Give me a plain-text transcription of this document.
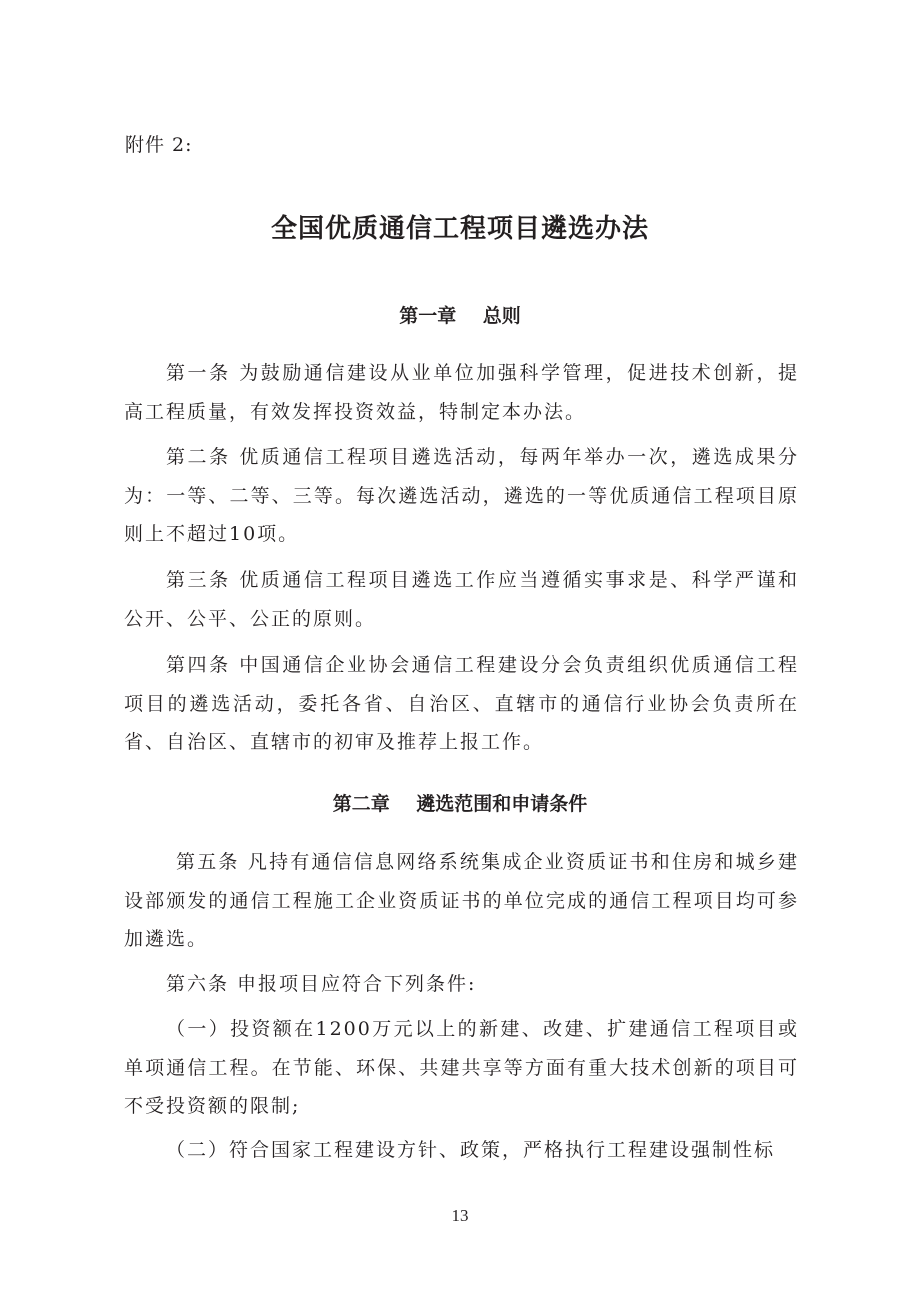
附件 2:
全国优质通信工程项目遴选办法
第一章    总则

第一条 为鼓励通信建设从业单位加强科学管理，促进技术创新，提高工程质量，有效发挥投资效益，特制定本办法。

第二条 优质通信工程项目遴选活动，每两年举办一次，遴选成果分为：一等、二等、三等。每次遴选活动，遴选的一等优质通信工程项目原则上不超过10项。

第三条 优质通信工程项目遴选工作应当遵循实事求是、科学严谨和公开、公平、公正的原则。

第四条 中国通信企业协会通信工程建设分会负责组织优质通信工程项目的遴选活动，委托各省、自治区、直辖市的通信行业协会负责所在省、自治区、直辖市的初审及推荐上报工作。

第二章    遴选范围和申请条件

第五条 凡持有通信信息网络系统集成企业资质证书和住房和城乡建设部颁发的通信工程施工企业资质证书的单位完成的通信工程项目均可参加遴选。

第六条 申报项目应符合下列条件:

（一）投资额在1200万元以上的新建、改建、扩建通信工程项目或单项通信工程。在节能、环保、共建共享等方面有重大技术创新的项目可不受投资额的限制;

（二）符合国家工程建设方针、政策，严格执行工程建设强制性标

13
